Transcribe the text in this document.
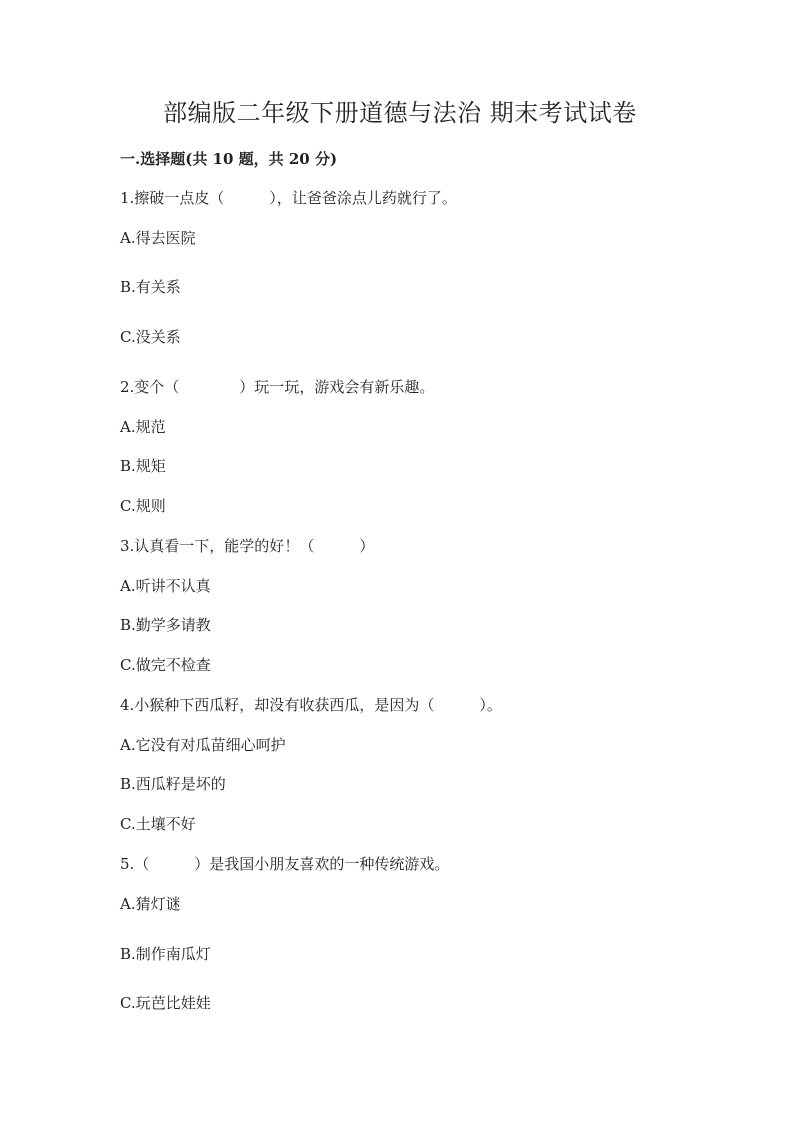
部编版二年级下册道德与法治 期末考试试卷
一.选择题(共 10 题，共 20 分)
1.擦破一点皮（　　　），让爸爸涂点儿药就行了。
A.得去医院
B.有关系
C.没关系
2.变个（　　　　）玩一玩，游戏会有新乐趣。
A.规范
B.规矩
C.规则
3.认真看一下，能学的好！（　　　）
A.听讲不认真
B.勤学多请教
C.做完不检查
4.小猴种下西瓜籽，却没有收获西瓜，是因为（　　　）。
A.它没有对瓜苗细心呵护
B.西瓜籽是坏的
C.土壤不好
5.（　　　）是我国小朋友喜欢的一种传统游戏。
A.猜灯谜
B.制作南瓜灯
C.玩芭比娃娃
